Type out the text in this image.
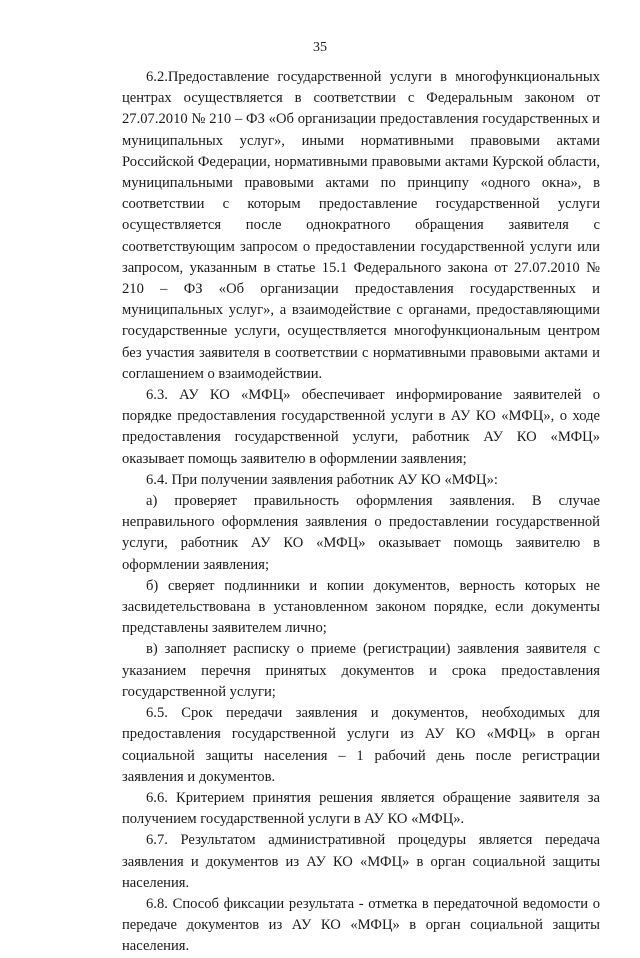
35

6.2.Предоставление государственной услуги в многофункциональных центрах осуществляется в соответствии с Федеральным законом от 27.07.2010 № 210 – ФЗ «Об организации предоставления государственных и муниципальных услуг», иными нормативными правовыми актами Российской Федерации, нормативными правовыми актами Курской области, муниципальными правовыми актами по принципу «одного окна», в соответствии с которым предоставление государственной услуги осуществляется после однократного обращения заявителя с соответствующим запросом о предоставлении государственной услуги или запросом, указанным в статье 15.1 Федерального закона от 27.07.2010 № 210 – ФЗ «Об организации предоставления государственных и муниципальных услуг», а взаимодействие с органами, предоставляющими государственные услуги, осуществляется многофункциональным центром без участия заявителя в соответствии с нормативными правовыми актами и соглашением о взаимодействии.

6.3. АУ КО «МФЦ» обеспечивает информирование заявителей о порядке предоставления государственной услуги в АУ КО «МФЦ», о ходе предоставления государственной услуги, работник АУ КО «МФЦ» оказывает помощь заявителю в оформлении заявления;

6.4. При получении заявления работник АУ КО «МФЦ»:

а) проверяет правильность оформления заявления. В случае неправильного оформления заявления о предоставлении государственной услуги, работник АУ КО «МФЦ» оказывает помощь заявителю в оформлении заявления;

б) сверяет подлинники и копии документов, верность которых не засвидетельствована в установленном законом порядке, если документы представлены заявителем лично;

в) заполняет расписку о приеме (регистрации) заявления заявителя с указанием перечня принятых документов и срока предоставления государственной услуги;

6.5. Срок передачи заявления и документов, необходимых для предоставления государственной услуги из АУ КО «МФЦ» в орган социальной защиты населения – 1 рабочий день после регистрации заявления и документов.

6.6. Критерием принятия решения является обращение заявителя за получением государственной услуги в АУ КО «МФЦ».

6.7. Результатом административной процедуры является передача заявления и документов из АУ КО «МФЦ» в орган социальной защиты населения.

6.8. Способ фиксации результата - отметка в передаточной ведомости о передаче документов из АУ КО «МФЦ» в орган социальной защиты населения.
